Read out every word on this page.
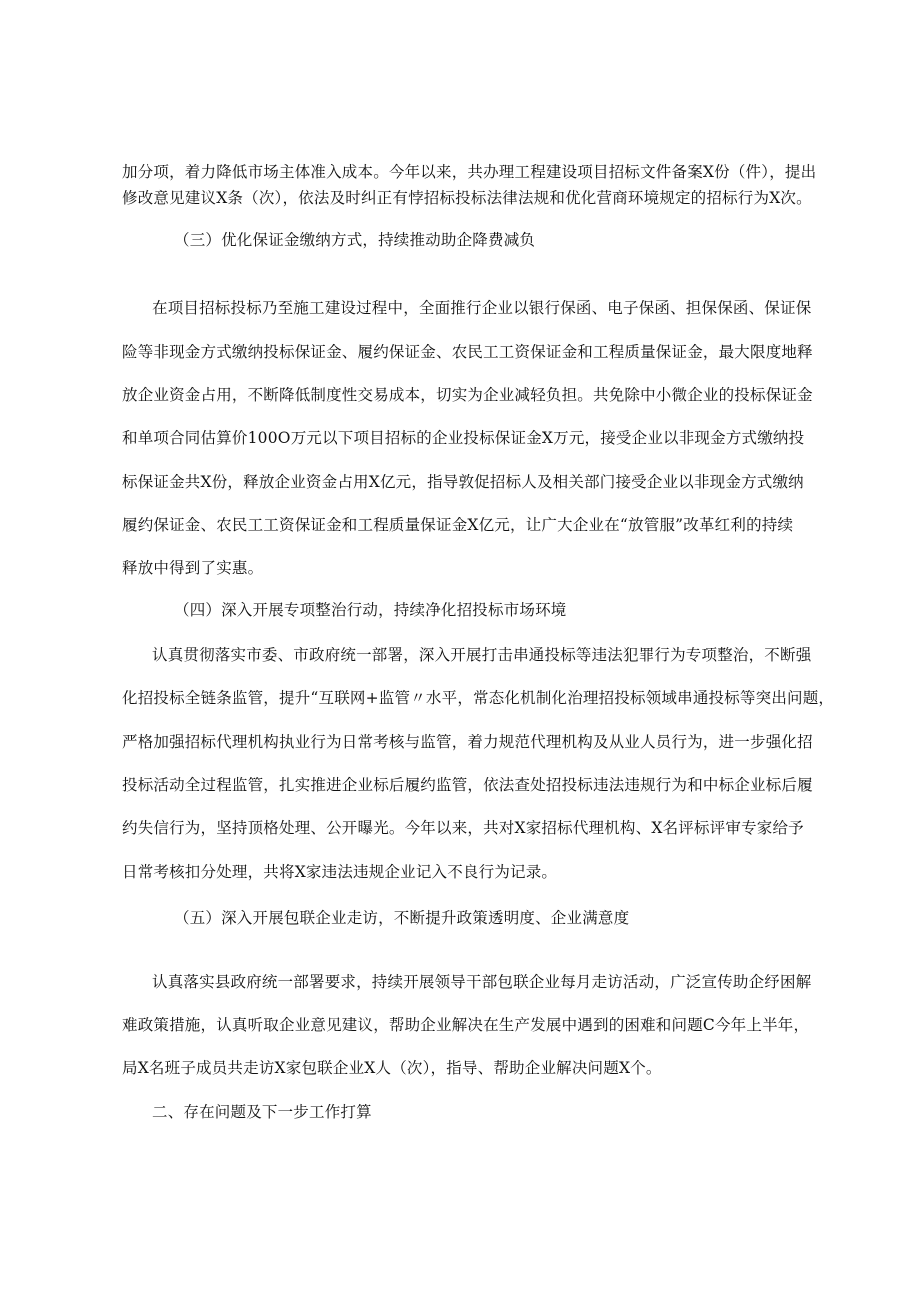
加分项，着力降低市场主体准入成本。今年以来，共办理工程建设项目招标文件备案X份（件），提出
修改意见建议X条（次），依法及时纠正有悖招标投标法律法规和优化营商环境规定的招标行为X次。
（三）优化保证金缴纳方式，持续推动助企降费减负
在项目招标投标乃至施工建设过程中，全面推行企业以银行保函、电子保函、担保保函、保证保
险等非现金方式缴纳投标保证金、履约保证金、农民工工资保证金和工程质量保证金，最大限度地释
放企业资金占用，不断降低制度性交易成本，切实为企业减轻负担。共免除中小微企业的投标保证金
和单项合同估算价100O万元以下项目招标的企业投标保证金X万元，接受企业以非现金方式缴纳投
标保证金共X份，释放企业资金占用X亿元，指导敦促招标人及相关部门接受企业以非现金方式缴纳
履约保证金、农民工工资保证金和工程质量保证金X亿元，让广大企业在“放管服”改革红利的持续
释放中得到了实惠。
（四）深入开展专项整治行动，持续净化招投标市场环境
认真贯彻落实市委、市政府统一部署，深入开展打击串通投标等违法犯罪行为专项整治，不断强
化招投标全链条监管，提升“互联网+监管〃水平，常态化机制化治理招投标领域串通投标等突出问题，
严格加强招标代理机构执业行为日常考核与监管，着力规范代理机构及从业人员行为，进一步强化招
投标活动全过程监管，扎实推进企业标后履约监管，依法查处招投标违法违规行为和中标企业标后履
约失信行为，坚持顶格处理、公开曝光。今年以来，共对X家招标代理机构、X名评标评审专家给予
日常考核扣分处理，共将X家违法违规企业记入不良行为记录。
（五）深入开展包联企业走访，不断提升政策透明度、企业满意度
认真落实县政府统一部署要求，持续开展领导干部包联企业每月走访活动，广泛宣传助企纾困解
难政策措施，认真听取企业意见建议，帮助企业解决在生产发展中遇到的困难和问题C今年上半年，
局X名班子成员共走访X家包联企业X人（次），指导、帮助企业解决问题X个。
二、存在问题及下一步工作打算
